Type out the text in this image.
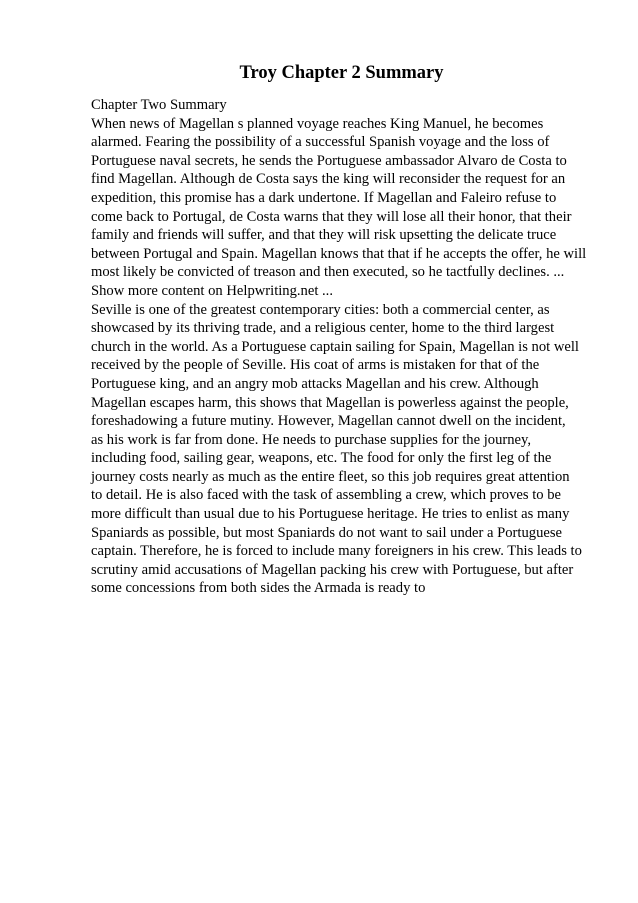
Troy Chapter 2 Summary
Chapter Two Summary
When news of Magellan s planned voyage reaches King Manuel, he becomes
alarmed. Fearing the possibility of a successful Spanish voyage and the loss of
Portuguese naval secrets, he sends the Portuguese ambassador Alvaro de Costa to
find Magellan. Although de Costa says the king will reconsider the request for an
expedition, this promise has a dark undertone. If Magellan and Faleiro refuse to
come back to Portugal, de Costa warns that they will lose all their honor, that their
family and friends will suffer, and that they will risk upsetting the delicate truce
between Portugal and Spain. Magellan knows that that if he accepts the offer, he will
most likely be convicted of treason and then executed, so he tactfully declines. ...
Show more content on Helpwriting.net ...
Seville is one of the greatest contemporary cities: both a commercial center, as
showcased by its thriving trade, and a religious center, home to the third largest
church in the world. As a Portuguese captain sailing for Spain, Magellan is not well
received by the people of Seville. His coat of arms is mistaken for that of the
Portuguese king, and an angry mob attacks Magellan and his crew. Although
Magellan escapes harm, this shows that Magellan is powerless against the people,
foreshadowing a future mutiny. However, Magellan cannot dwell on the incident,
as his work is far from done. He needs to purchase supplies for the journey,
including food, sailing gear, weapons, etc. The food for only the first leg of the
journey costs nearly as much as the entire fleet, so this job requires great attention
to detail. He is also faced with the task of assembling a crew, which proves to be
more difficult than usual due to his Portuguese heritage. He tries to enlist as many
Spaniards as possible, but most Spaniards do not want to sail under a Portuguese
captain. Therefore, he is forced to include many foreigners in his crew. This leads to
scrutiny amid accusations of Magellan packing his crew with Portuguese, but after
some concessions from both sides the Armada is ready to
